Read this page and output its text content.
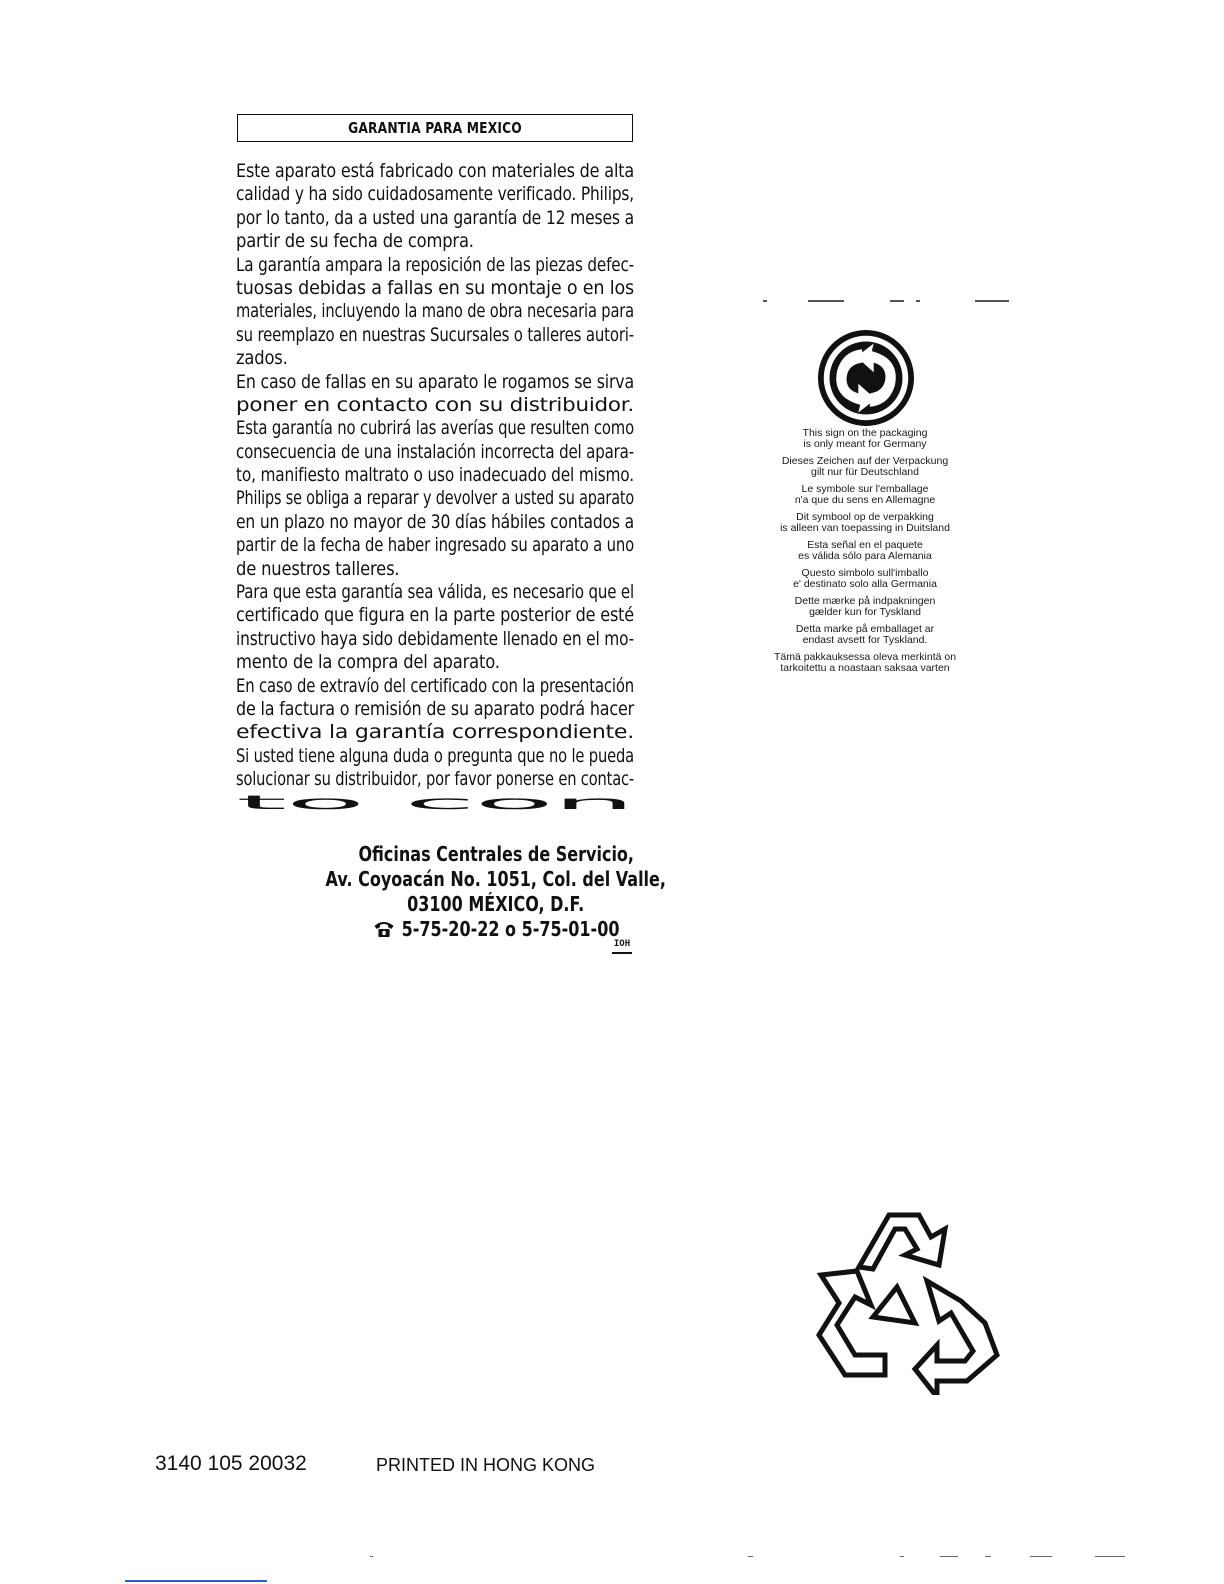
GARANTIA PARA MEXICO
Este aparato está fabricado con materiales de alta
calidad y ha sido cuidadosamente verificado. Philips,
por lo tanto, da a usted una garantía de 12 meses a
partir de su fecha de compra.
La garantía ampara la reposición de las piezas defec-
tuosas debidas a fallas en su montaje o en los
materiales, incluyendo la mano de obra necesaria para
su reemplazo en nuestras Sucursales o talleres autori-
zados.
En caso de fallas en su aparato le rogamos se sirva
poner en contacto con su distribuidor.
Esta garantía no cubrirá las averías que resulten como
consecuencia de una instalación incorrecta del apara-
to, manifiesto maltrato o uso inadecuado del mismo.
Philips se obliga a reparar y devolver a usted su aparato
en un plazo no mayor de 30 días hábiles contados a
partir de la fecha de haber ingresado su aparato a uno
de nuestros talleres.
Para que esta garantía sea válida, es necesario que el
certificado que figura en la parte posterior de esté
instructivo haya sido debidamente llenado en el mo-
mento de la compra del aparato.
En caso de extravío del certificado con la presentación
de la factura o remisión de su aparato podrá hacer
efectiva la garantía correspondiente.
Si usted tiene alguna duda o pregunta que no le pueda
solucionar su distribuidor, por favor ponerse en contac-
to con
Oficinas Centrales de Servicio,
Av. Coyoacán No. 1051, Col. del Valle,
03100 MÉXICO, D.F.
5-75-20-22 o 5-75-01-00
IOH
This sign on the packaging
is only meant for Germany
Dieses Zeichen auf der Verpackung
gilt nur für Deutschland
Le symbole sur l'emballage
n'a que du sens en Allemagne
Dit symbool op de verpakking
is alleen van toepassing in Duitsland
Esta señal en el paquete
es válida sólo para Alemania
Questo simbolo sull'imballo
e' destinato solo alla Germania
Dette mærke på indpakningen
gælder kun for Tyskland
Detta marke på emballaget ar
endast avsett for Tyskland.
Tämä pakkauksessa oleva merkintä on
tarkoitettu a noastaan saksaa varten
3140 105 20032	PRINTED IN HONG KONG
